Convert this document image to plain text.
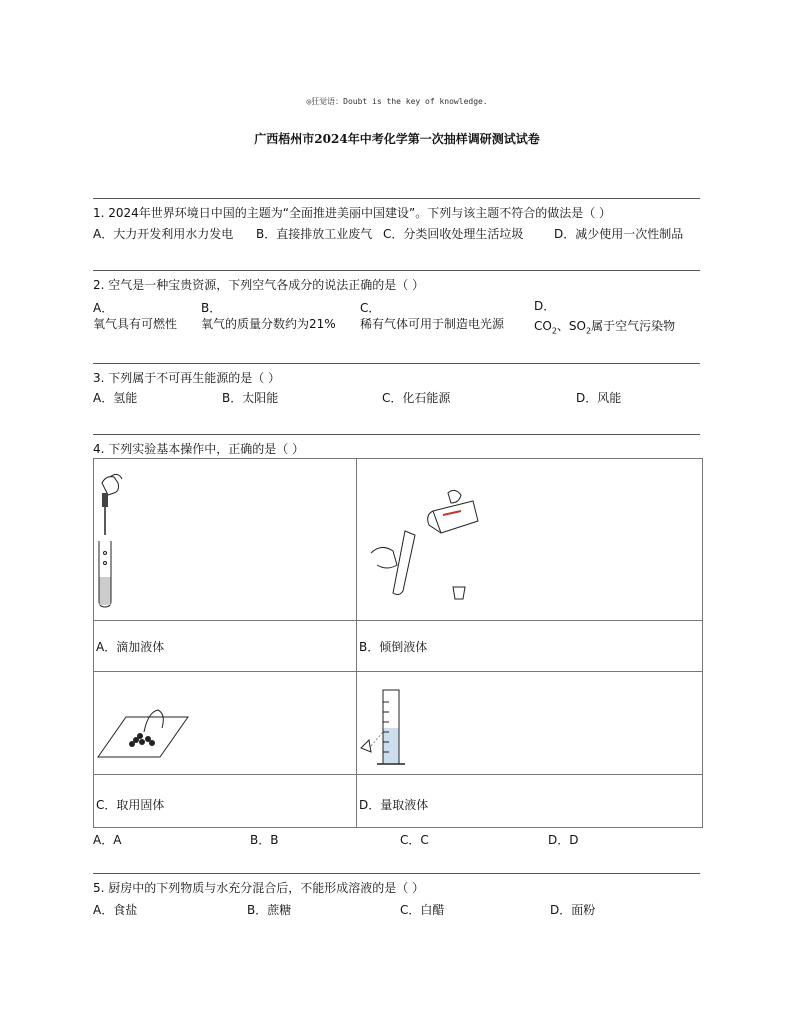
◎狂觉语：Doubt is the key of knowledge.
广西梧州市2024年中考化学第一次抽样调研测试试卷
1. 2024年世界环境日中国的主题为“全面推进美丽中国建设”。下列与该主题不符合的做法是（ ）
A．大力开发利用水力发电 B．直接排放工业废气 C．分类回收处理生活垃圾	D．减少使用一次性制品
2. 空气是一种宝贵资源，下列空气各成分的说法正确的是（ ）
A．
氧气具有可燃性
B．
氧气的质量分数约为21%
C．
稀有气体可用于制造电光源
D．
$CO_2$、$SO_2$属于空气污染物
3. 下列属于不可再生能源的是（ ）
A．氢能	B．太阳能	C．化石能源	D．风能
4. 下列实验基本操作中，正确的是（ ）
A．滴加液体	B．倾倒液体
C．取用固体	D．量取液体
A．A	B．B	C．C	D．D
5. 厨房中的下列物质与水充分混合后，不能形成溶液的是（ ）
A．食盐	B．蔗糖	C．白醋	D．面粉
